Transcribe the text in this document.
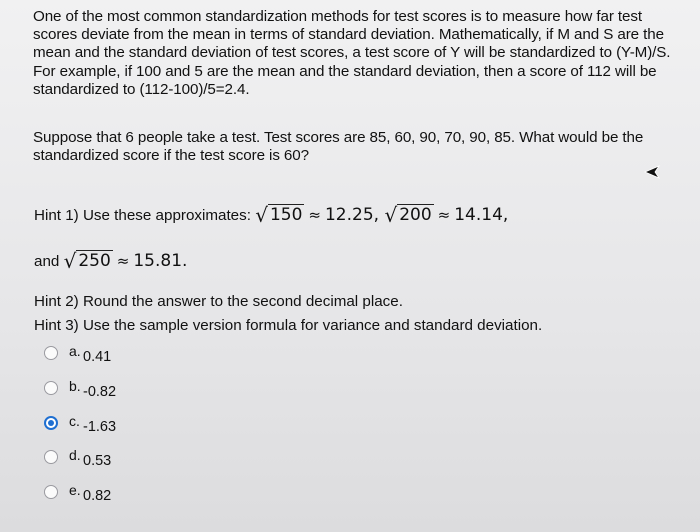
One of the most common standardization methods for test scores is to measure how far test scores deviate from the mean in terms of standard deviation. Mathematically, if M and S are the mean and the standard deviation of test scores, a test score of Y will be standardized to (Y-M)/S. For example, if 100 and 5 are the mean and the standard deviation, then a score of 112 will be standardized to (112-100)/5=2.4.
Suppose that 6 people take a test. Test scores are 85, 60, 90, 70, 90, 85. What would be the standardized score if the test score is 60?
Hint 1) Use these approximates: √ 150 ≈ 12.25, √ 200 ≈ 14.14,
and √ 250 ≈ 15.81.
Hint 2) Round the answer to the second decimal place.
Hint 3) Use the sample version formula for variance and standard deviation.
a. 0.41
b. -0.82
c. -1.63
d. 0.53
e. 0.82
